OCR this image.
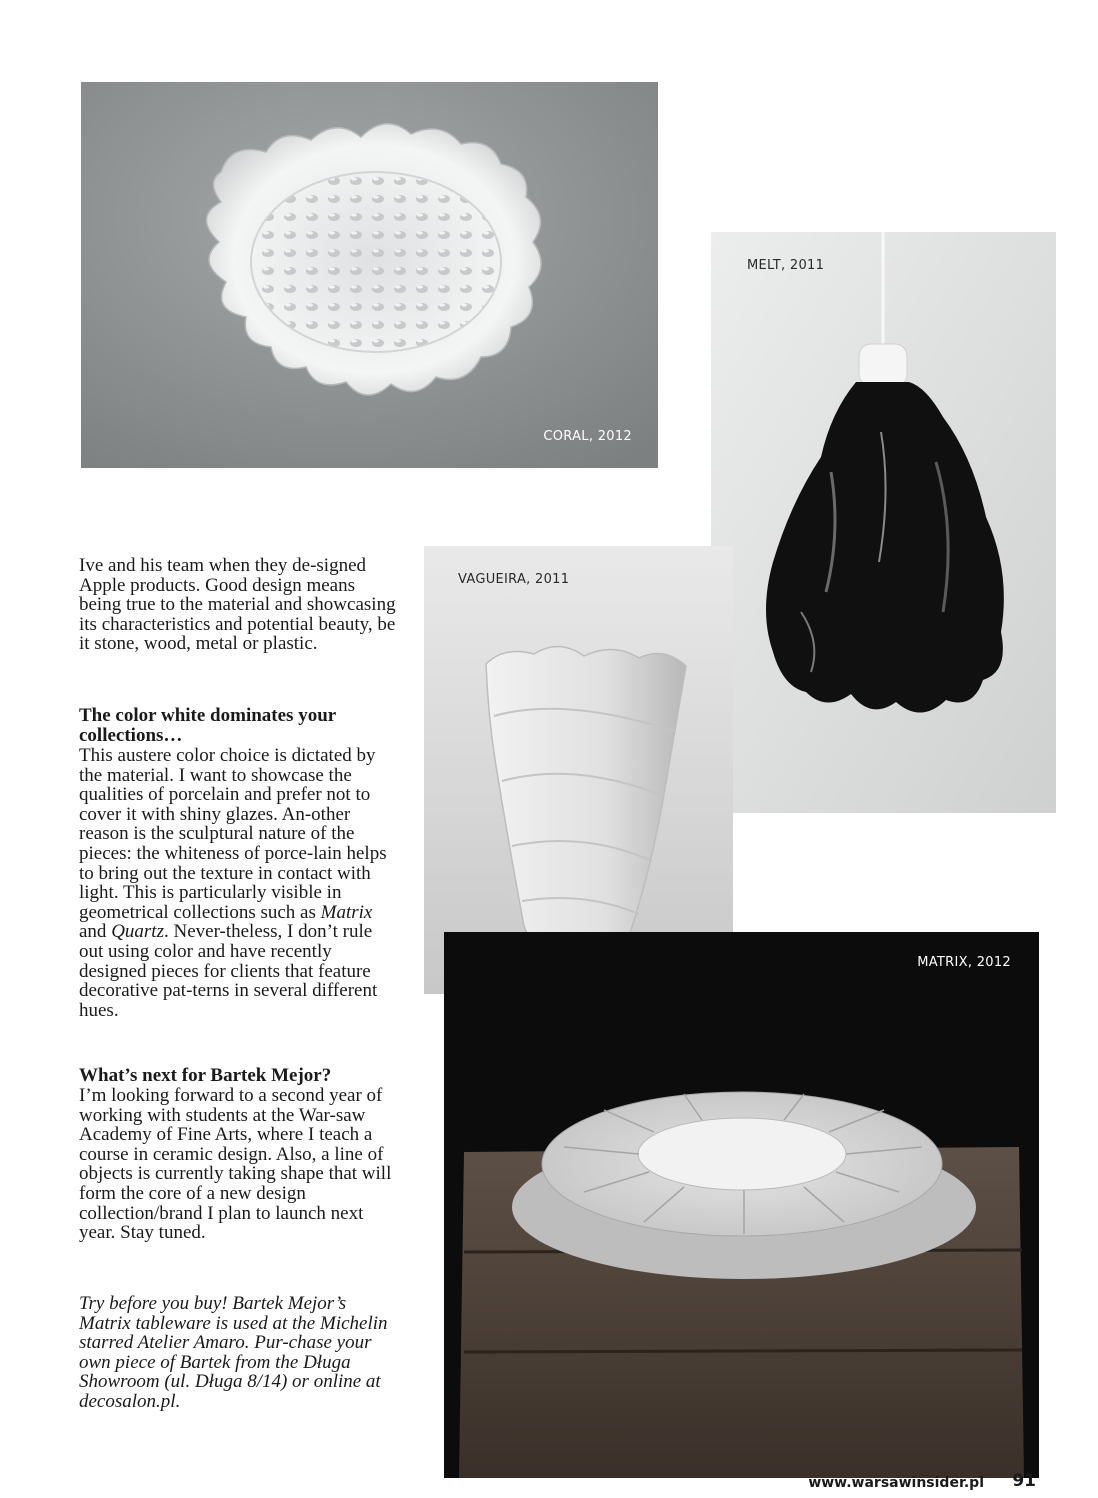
CORAL, 2012
MELT, 2011
VAGUEIRA, 2011
MATRIX, 2012

Ive and his team when they de-signed Apple products. Good design means being true to the material and showcasing its characteristics and potential beauty, be it stone, wood, metal or plastic.

The color white dominates your collections…

This austere color choice is dictated by the material. I want to showcase the qualities of porcelain and prefer not to cover it with shiny glazes. An-other reason is the sculptural nature of the pieces: the whiteness of porce-lain helps to bring out the texture in contact with light. This is particularly visible in geometrical collections such as Matrix and Quartz. Never-theless, I don’t rule out using color and have recently designed pieces for clients that feature decorative pat-terns in several different hues.

What’s next for Bartek Mejor?

I’m looking forward to a second year of working with students at the War-saw Academy of Fine Arts, where I teach a course in ceramic design. Also, a line of objects is currently taking shape that will form the core of a new design collection/brand I plan to launch next year. Stay tuned.

Try before you buy! Bartek Mejor’s Matrix tableware is used at the Michelin starred Atelier Amaro. Pur-chase your own piece of Bartek from the Długa Showroom (ul. Długa 8/14) or online at decosalon.pl.

www.warsawinsider.pl 91
